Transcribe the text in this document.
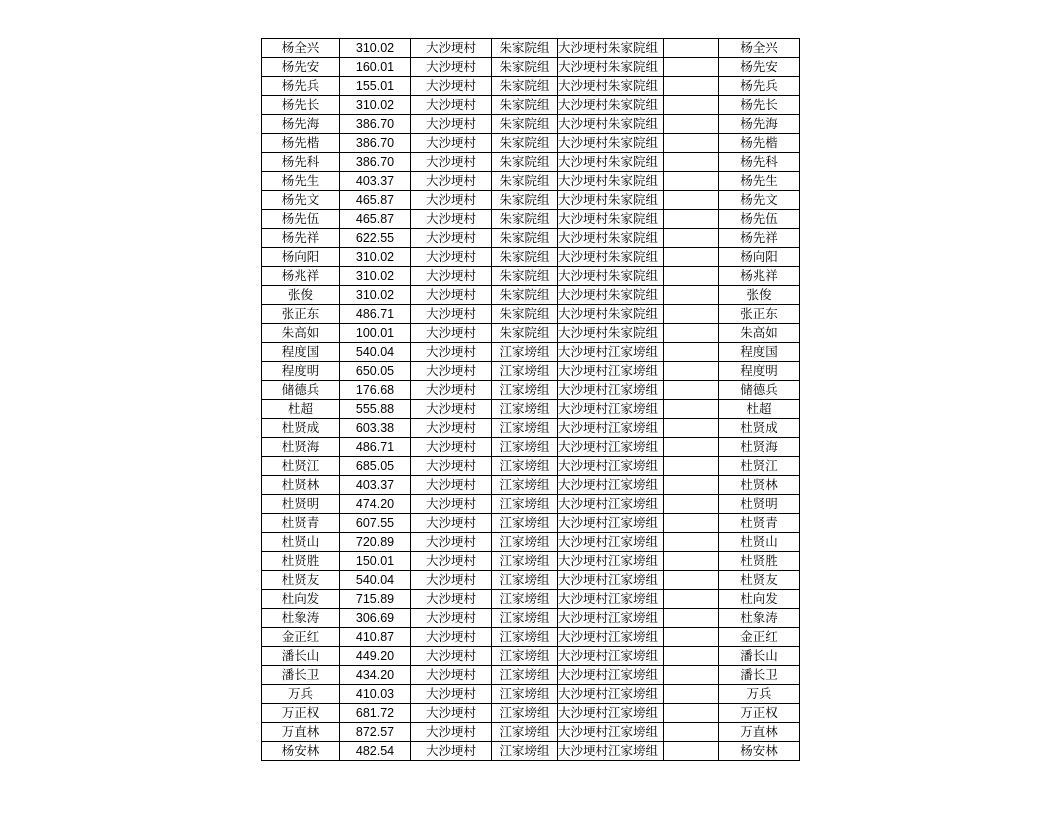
杨全兴	310.02	大沙埂村	朱家院组	大沙埂村朱家院组		杨全兴
杨先安	160.01	大沙埂村	朱家院组	大沙埂村朱家院组		杨先安
杨先兵	155.01	大沙埂村	朱家院组	大沙埂村朱家院组		杨先兵
杨先长	310.02	大沙埂村	朱家院组	大沙埂村朱家院组		杨先长
杨先海	386.70	大沙埂村	朱家院组	大沙埂村朱家院组		杨先海
杨先楷	386.70	大沙埂村	朱家院组	大沙埂村朱家院组		杨先楷
杨先科	386.70	大沙埂村	朱家院组	大沙埂村朱家院组		杨先科
杨先生	403.37	大沙埂村	朱家院组	大沙埂村朱家院组		杨先生
杨先文	465.87	大沙埂村	朱家院组	大沙埂村朱家院组		杨先文
杨先伍	465.87	大沙埂村	朱家院组	大沙埂村朱家院组		杨先伍
杨先祥	622.55	大沙埂村	朱家院组	大沙埂村朱家院组		杨先祥
杨向阳	310.02	大沙埂村	朱家院组	大沙埂村朱家院组		杨向阳
杨兆祥	310.02	大沙埂村	朱家院组	大沙埂村朱家院组		杨兆祥
张俊	310.02	大沙埂村	朱家院组	大沙埂村朱家院组		张俊
张正东	486.71	大沙埂村	朱家院组	大沙埂村朱家院组		张正东
朱高如	100.01	大沙埂村	朱家院组	大沙埂村朱家院组		朱高如
程度国	540.04	大沙埂村	江家塝组	大沙埂村江家塝组		程度国
程度明	650.05	大沙埂村	江家塝组	大沙埂村江家塝组		程度明
储德兵	176.68	大沙埂村	江家塝组	大沙埂村江家塝组		储德兵
杜超	555.88	大沙埂村	江家塝组	大沙埂村江家塝组		杜超
杜贤成	603.38	大沙埂村	江家塝组	大沙埂村江家塝组		杜贤成
杜贤海	486.71	大沙埂村	江家塝组	大沙埂村江家塝组		杜贤海
杜贤江	685.05	大沙埂村	江家塝组	大沙埂村江家塝组		杜贤江
杜贤林	403.37	大沙埂村	江家塝组	大沙埂村江家塝组		杜贤林
杜贤明	474.20	大沙埂村	江家塝组	大沙埂村江家塝组		杜贤明
杜贤青	607.55	大沙埂村	江家塝组	大沙埂村江家塝组		杜贤青
杜贤山	720.89	大沙埂村	江家塝组	大沙埂村江家塝组		杜贤山
杜贤胜	150.01	大沙埂村	江家塝组	大沙埂村江家塝组		杜贤胜
杜贤友	540.04	大沙埂村	江家塝组	大沙埂村江家塝组		杜贤友
杜向发	715.89	大沙埂村	江家塝组	大沙埂村江家塝组		杜向发
杜象涛	306.69	大沙埂村	江家塝组	大沙埂村江家塝组		杜象涛
金正红	410.87	大沙埂村	江家塝组	大沙埂村江家塝组		金正红
潘长山	449.20	大沙埂村	江家塝组	大沙埂村江家塝组		潘长山
潘长卫	434.20	大沙埂村	江家塝组	大沙埂村江家塝组		潘长卫
万兵	410.03	大沙埂村	江家塝组	大沙埂村江家塝组		万兵
万正权	681.72	大沙埂村	江家塝组	大沙埂村江家塝组		万正权
万直林	872.57	大沙埂村	江家塝组	大沙埂村江家塝组		万直林
杨安林	482.54	大沙埂村	江家塝组	大沙埂村江家塝组		杨安林
